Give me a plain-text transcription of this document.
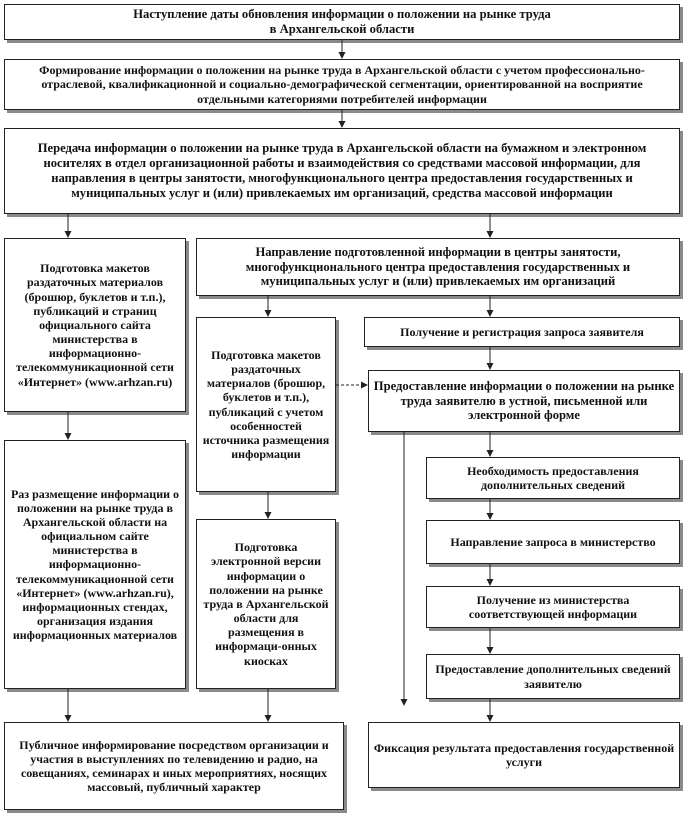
Наступление даты обновления информации о положении на рынке труда
в Архангельской области
Формирование информации о положении на рынке труда в Архангельской области с учетом профессионально-отраслевой, квалификационной и социально-демографической сегментации, ориентированной на восприятие отдельными категориями потребителей информации
Передача информации о положении на рынке труда в Архангельской области на бумажном и электронном носителях в отдел организационной работы и взаимодействия со средствами массовой информации, для направления в центры занятости, многофункционального центра предоставления государственных и муниципальных услуг и (или) привлекаемых им организаций, средства массовой информации
Подготовка макетов раздаточных материалов (брошюр, буклетов и т.п.), публикаций и страниц официального сайта министерства в информационно-телекоммуникационной сети «Интернет» (www.arhzan.ru)
Направление подготовленной информации в центры занятости, многофункционального центра предоставления государственных и муниципальных услуг и (или) привлекаемых им организаций
Подготовка макетов раздаточных материалов (брошюр, буклетов и т.п.), публикаций с учетом особенностей источника размещения информации
Получение и регистрация запроса заявителя
Предоставление информации о положении на рынке труда заявителю в устной, письменной или электронной форме
Раз размещение информации о положении на рынке труда в Архангельской области на официальном сайте министерства в информационно-телекоммуникационной сети «Интернет» (www.arhzan.ru), информационных стендах, организация издания информационных материалов
Подготовка электронной версии информации о положении на рынке труда в Архангельской области для размещения в информаци-онных киосках
Необходимость предоставления дополнительных сведений
Направление запроса в министерство
Получение из министерства соответствующей информации
Предоставление дополнительных сведений заявителю
Публичное информирование посредством организации и участия в выступлениях по телевидению и радио, на совещаниях, семинарах и иных мероприятиях, носящих массовый, публичный характер
Фиксация результата предоставления государственной услуги
